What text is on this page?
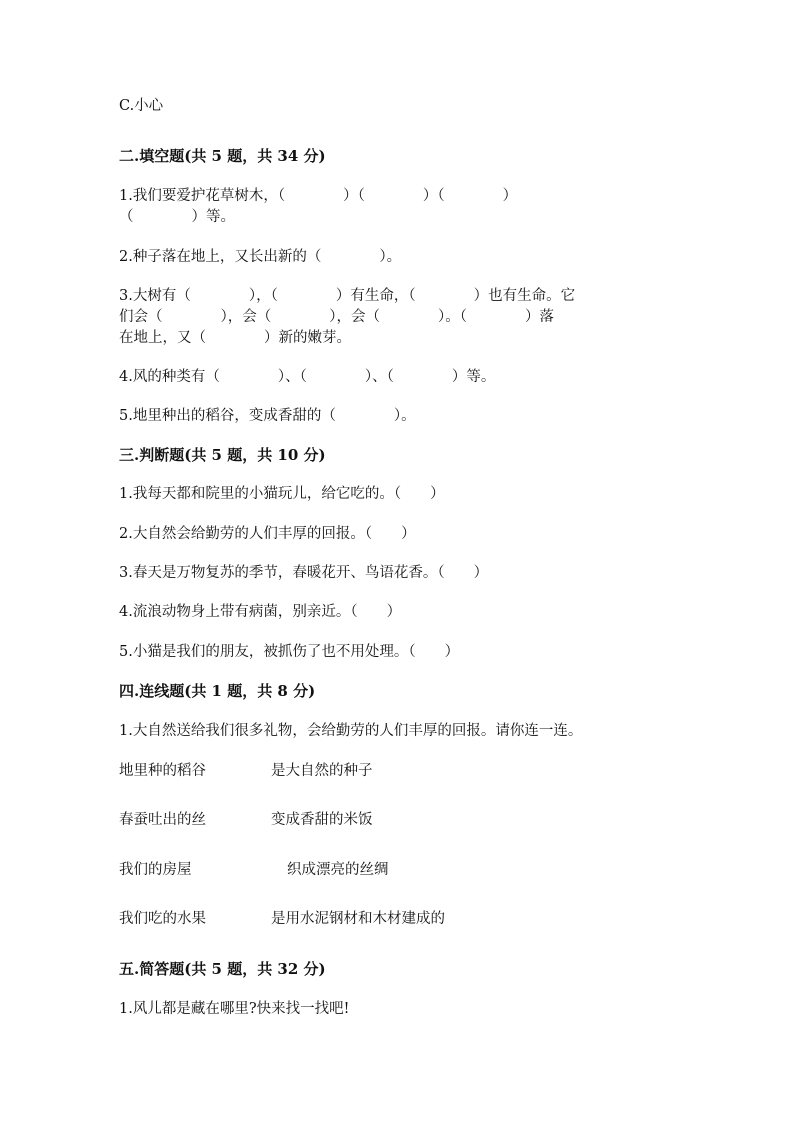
C.小心

二.填空题(共 5 题，共 34 分)

1.我们要爱护花草树木，（　　　　）（　　　　）（　　　　）

（　　　　）等。

2.种子落在地上，又长出新的（　　　　）。

3.大树有（　　　　），（　　　　）有生命，（　　　　）也有生命。它

们会（　　　　），会（　　　　），会（　　　　）。（　　　　）落

在地上，又（　　　　）新的嫩芽。

4.风的种类有（　　　　）、（　　　　）、（　　　　）等。

5.地里种出的稻谷，变成香甜的（　　　　）。

三.判断题(共 5 题，共 10 分)

1.我每天都和院里的小猫玩儿，给它吃的。（　　）

2.大自然会给勤劳的人们丰厚的回报。（　　）

3.春天是万物复苏的季节，春暖花开、鸟语花香。（　　）

4.流浪动物身上带有病菌，别亲近。（　　）

5.小猫是我们的朋友，被抓伤了也不用处理。（　　）

四.连线题(共 1 题，共 8 分)

1.大自然送给我们很多礼物，会给勤劳的人们丰厚的回报。请你连一连。

地里种的稻谷	是大自然的种子

春蚕吐出的丝	变成香甜的米饭

我们的房屋	织成漂亮的丝绸

我们吃的水果	是用水泥钢材和木材建成的

五.简答题(共 5 题，共 32 分)

1.风儿都是藏在哪里?快来找一找吧!
